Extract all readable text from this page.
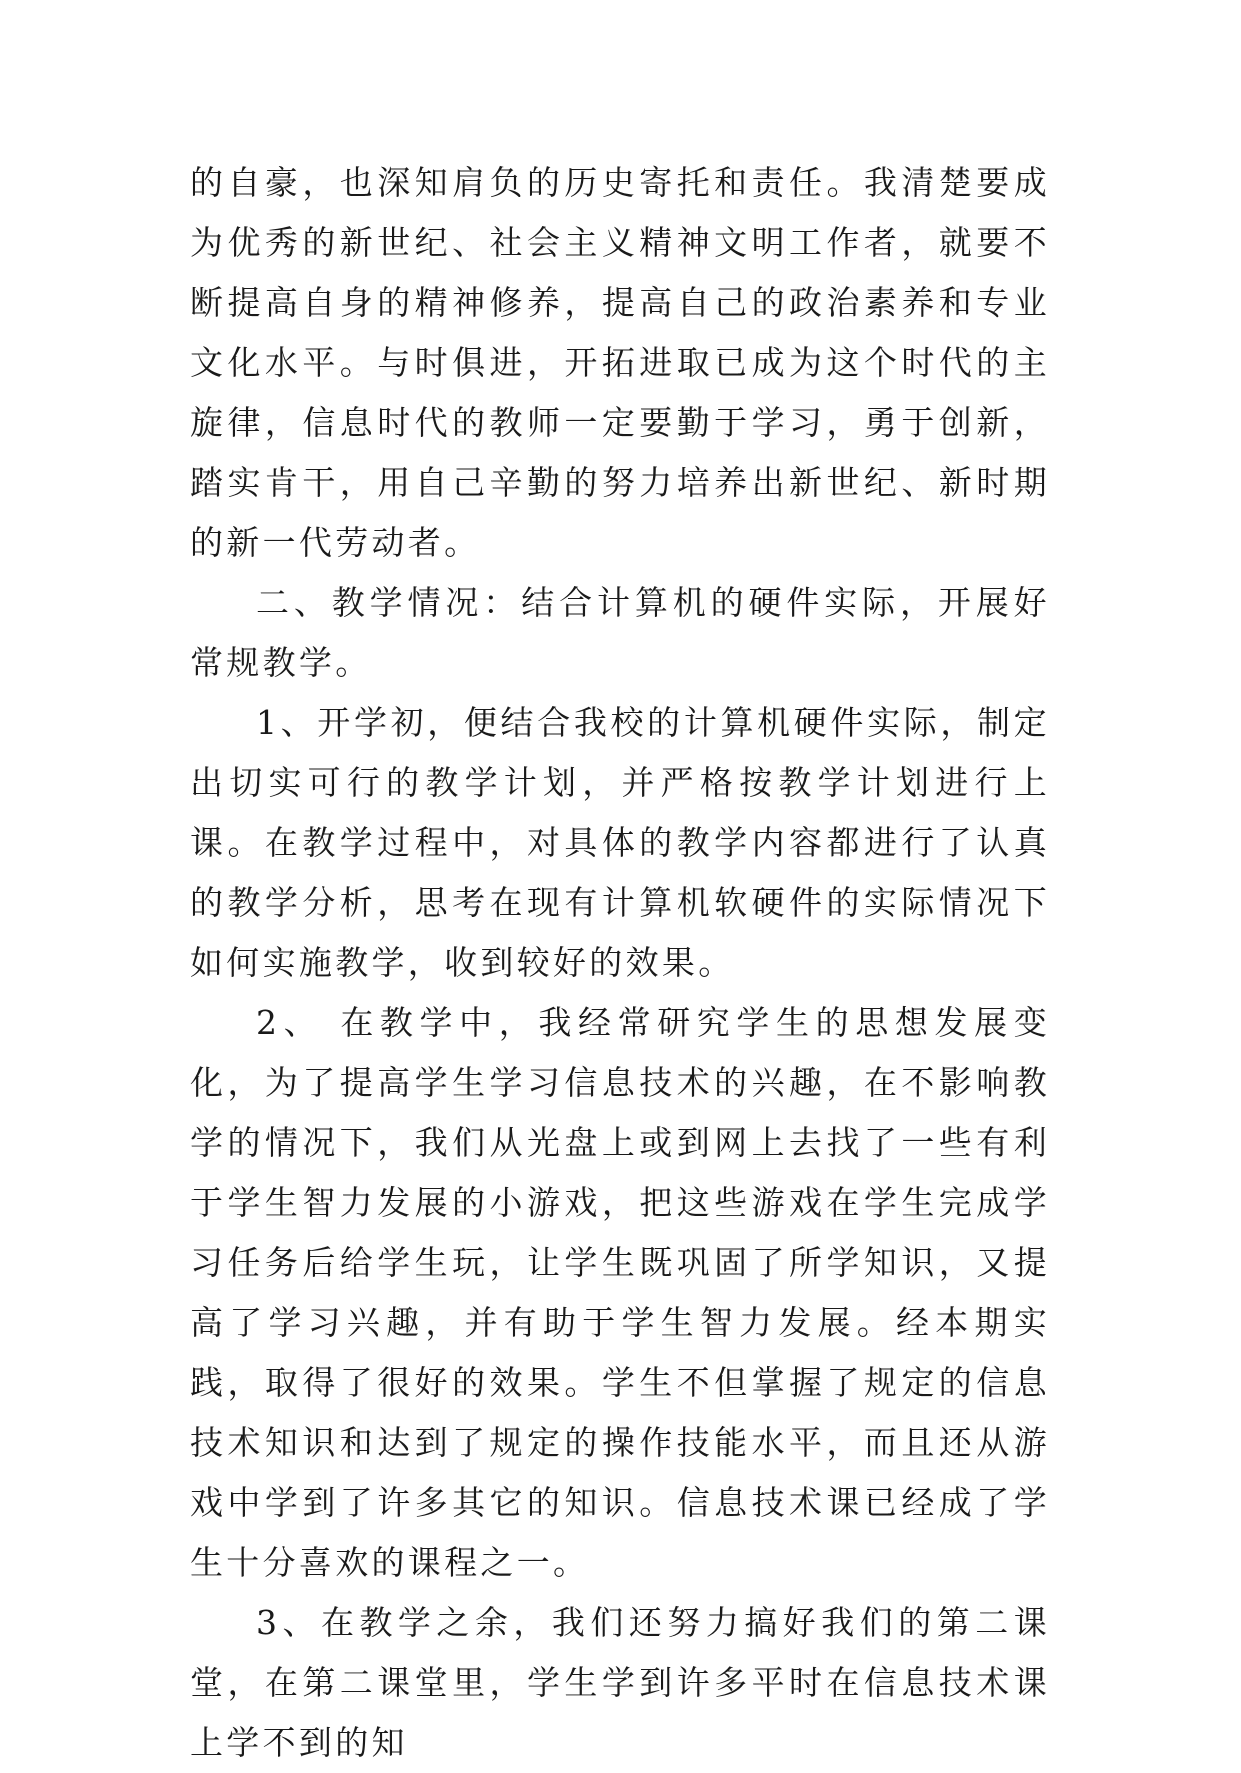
的自豪，也深知肩负的历史寄托和责任。我清楚要成为优秀的新世纪、社会主义精神文明工作者，就要不断提高自身的精神修养，提高自己的政治素养和专业文化水平。与时俱进，开拓进取已成为这个时代的主旋律，信息时代的教师一定要勤于学习，勇于创新，踏实肯干，用自己辛勤的努力培养出新世纪、新时期的新一代劳动者。

二、教学情况：结合计算机的硬件实际，开展好常规教学。

1、开学初，便结合我校的计算机硬件实际，制定出切实可行的教学计划，并严格按教学计划进行上课。在教学过程中，对具体的教学内容都进行了认真的教学分析，思考在现有计算机软硬件的实际情况下如何实施教学，收到较好的效果。

2、 在教学中，我经常研究学生的思想发展变化，为了提高学生学习信息技术的兴趣，在不影响教学的情况下，我们从光盘上或到网上去找了一些有利于学生智力发展的小游戏，把这些游戏在学生完成学习任务后给学生玩，让学生既巩固了所学知识，又提高了学习兴趣，并有助于学生智力发展。经本期实践，取得了很好的效果。学生不但掌握了规定的信息技术知识和达到了规定的操作技能水平，而且还从游戏中学到了许多其它的知识。信息技术课已经成了学生十分喜欢的课程之一。

3、在教学之余，我们还努力搞好我们的第二课堂，在第二课堂里，学生学到许多平时在信息技术课上学不到的知
